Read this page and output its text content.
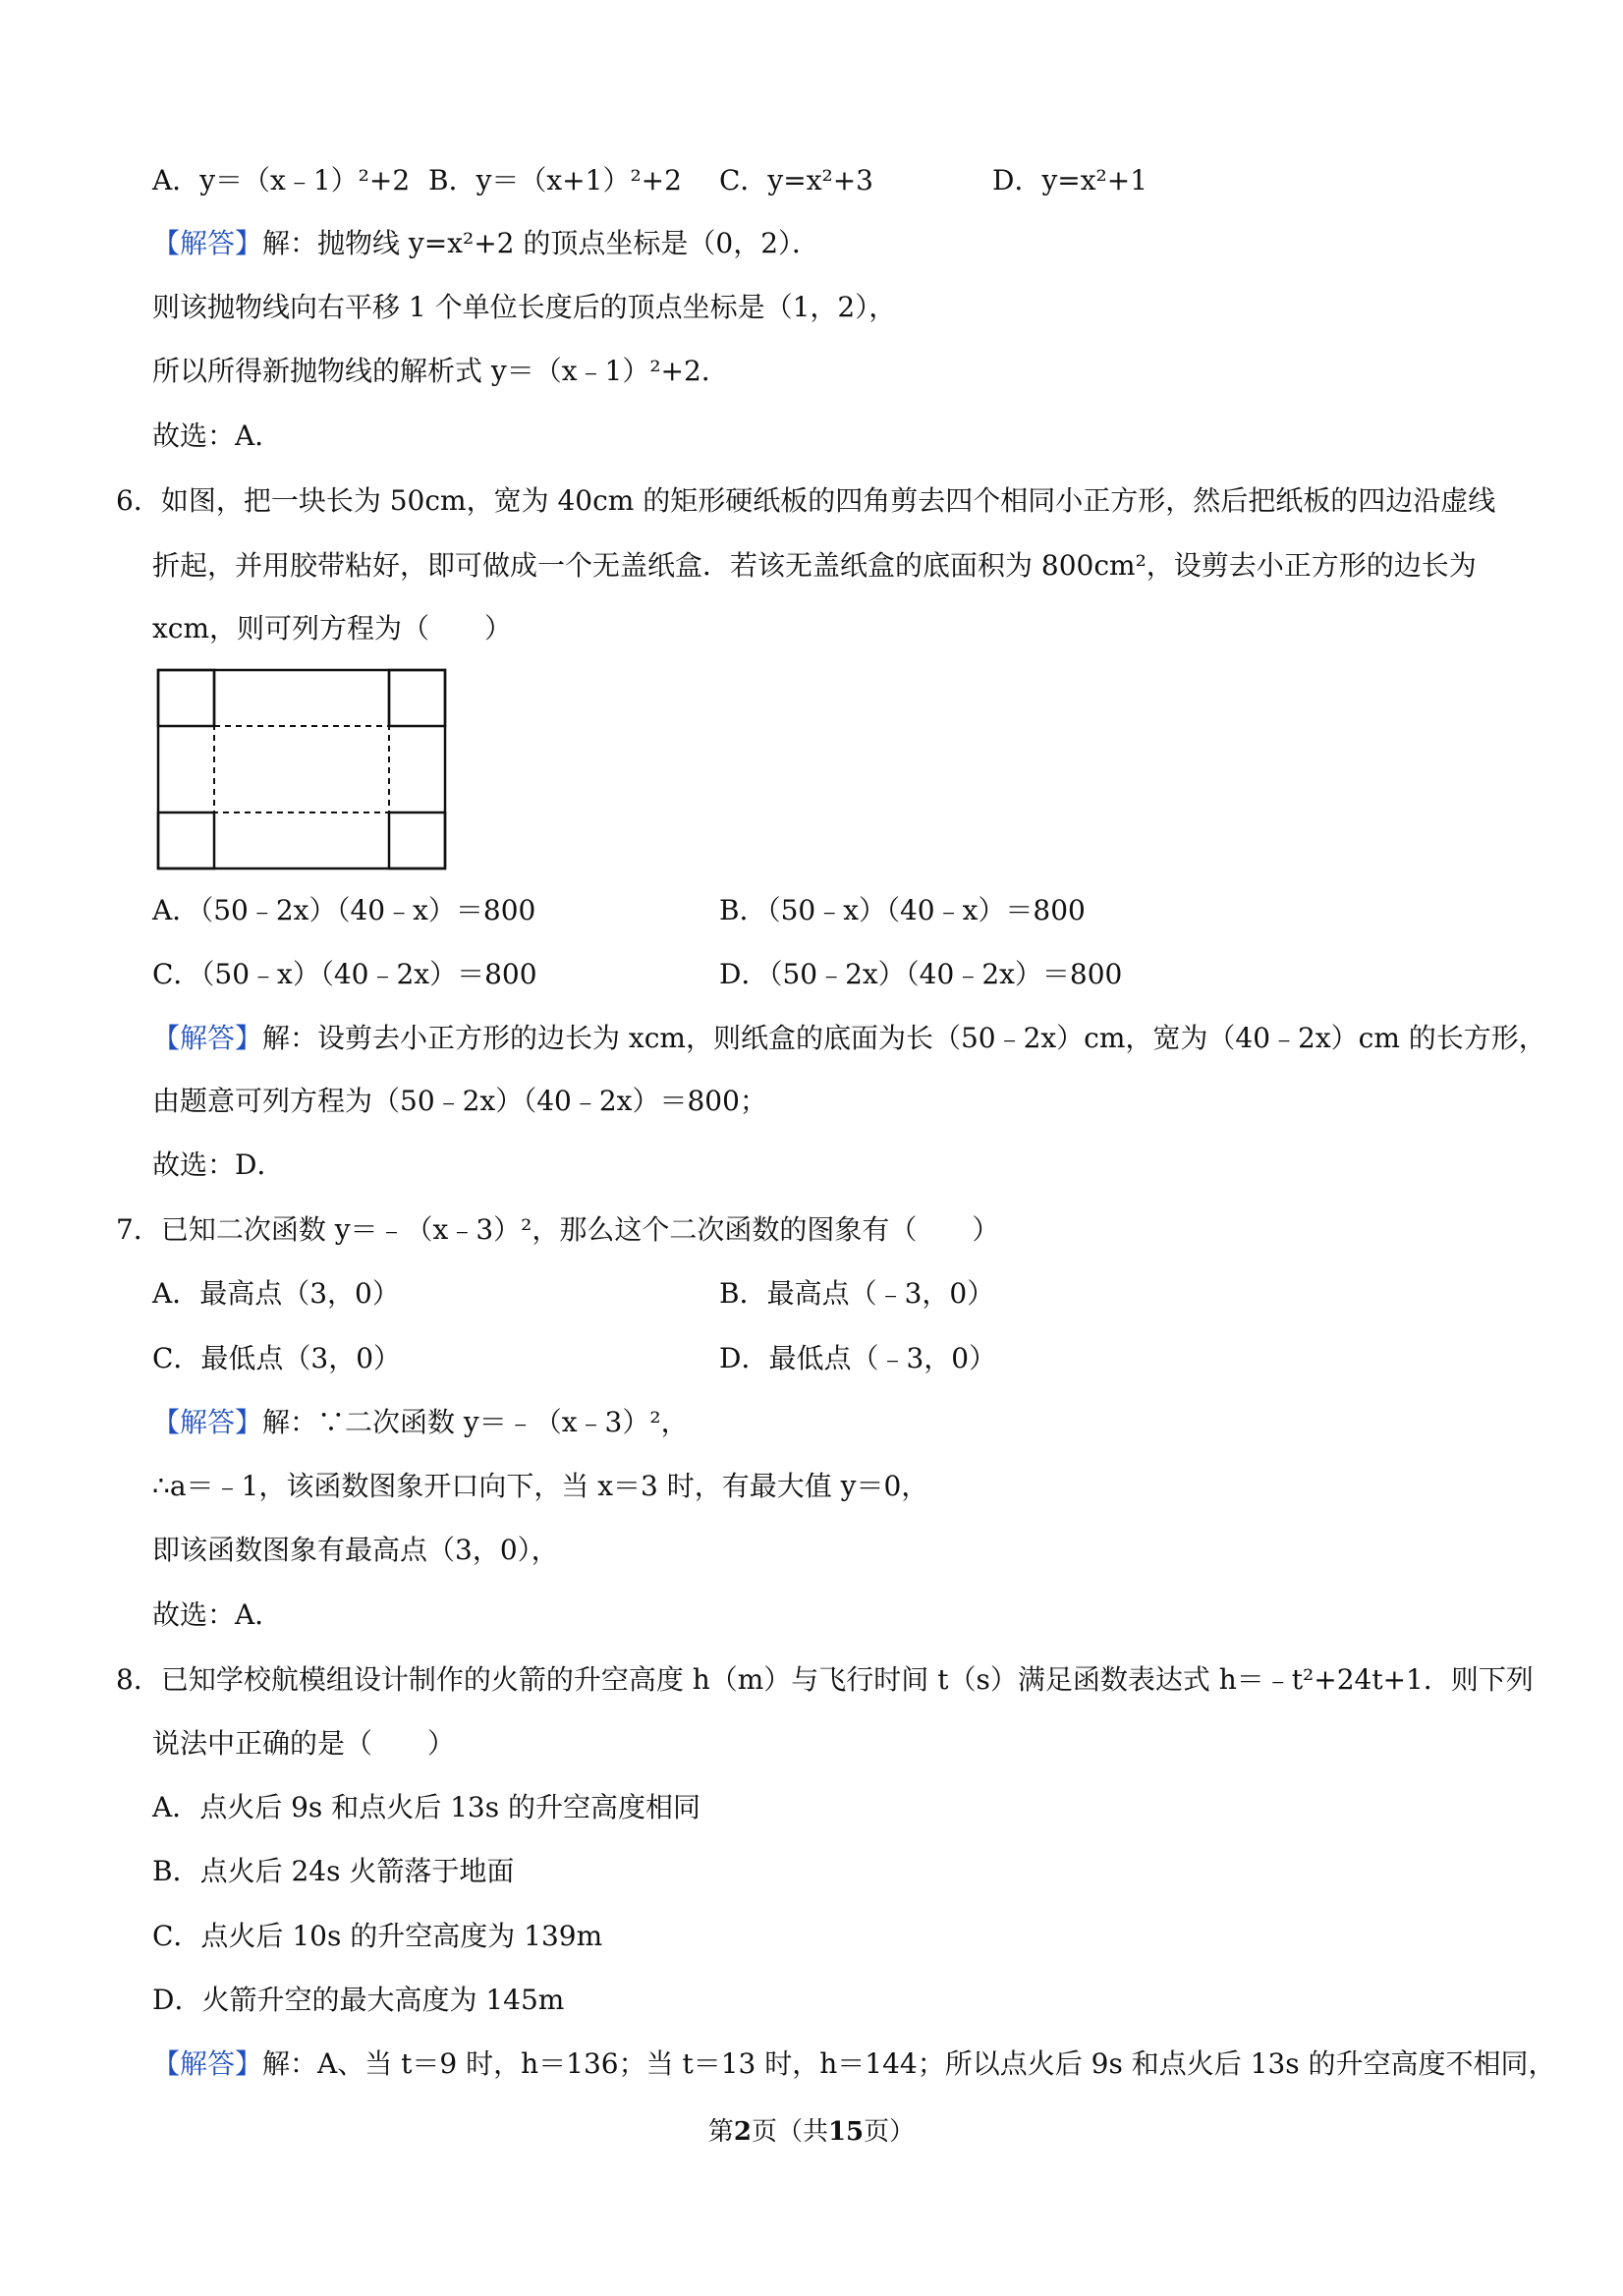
A．y＝（x﹣1）²+2 B．y＝（x+1）²+2 C．y=x²+3	D．y=x²+1
【解答】解：抛物线 y=x²+2 的顶点坐标是（0，2）．
则该抛物线向右平移 1 个单位长度后的顶点坐标是（1，2），
所以所得新抛物线的解析式 y＝（x﹣1）²+2．
故选：A．
6．如图，把一块长为 50cm，宽为 40cm 的矩形硬纸板的四角剪去四个相同小正方形，然后把纸板的四边沿虚线
折起，并用胶带粘好，即可做成一个无盖纸盒．若该无盖纸盒的底面积为 800cm²，设剪去小正方形的边长为
xcm，则可列方程为（　　）
A．（50﹣2x）（40﹣x）＝800	B．（50﹣x）（40﹣x）＝800
C．（50﹣x）（40﹣2x）＝800	D．（50﹣2x）（40﹣2x）＝800
【解答】解：设剪去小正方形的边长为 xcm，则纸盒的底面为长（50﹣2x）cm，宽为（40﹣2x）cm 的长方形，
由题意可列方程为（50﹣2x）（40﹣2x）＝800；
故选：D．
7．已知二次函数 y＝﹣（x﹣3）²，那么这个二次函数的图象有（　　）
A．最高点（3，0）	B．最高点（﹣3，0）
C．最低点（3，0）	D．最低点（﹣3，0）
【解答】解：∵二次函数 y＝﹣（x﹣3）²，
∴a＝﹣1，该函数图象开口向下，当 x＝3 时，有最大值 y＝0，
即该函数图象有最高点（3，0），
故选：A．
8．已知学校航模组设计制作的火箭的升空高度 h（m）与飞行时间 t（s）满足函数表达式 h＝﹣t²+24t+1．则下列
说法中正确的是（　　）
A．点火后 9s 和点火后 13s 的升空高度相同
B．点火后 24s 火箭落于地面
C．点火后 10s 的升空高度为 139m
D．火箭升空的最大高度为 145m
【解答】解：A、当 t＝9 时，h＝136；当 t＝13 时，h＝144；所以点火后 9s 和点火后 13s 的升空高度不相同，
第2页（共15页）
